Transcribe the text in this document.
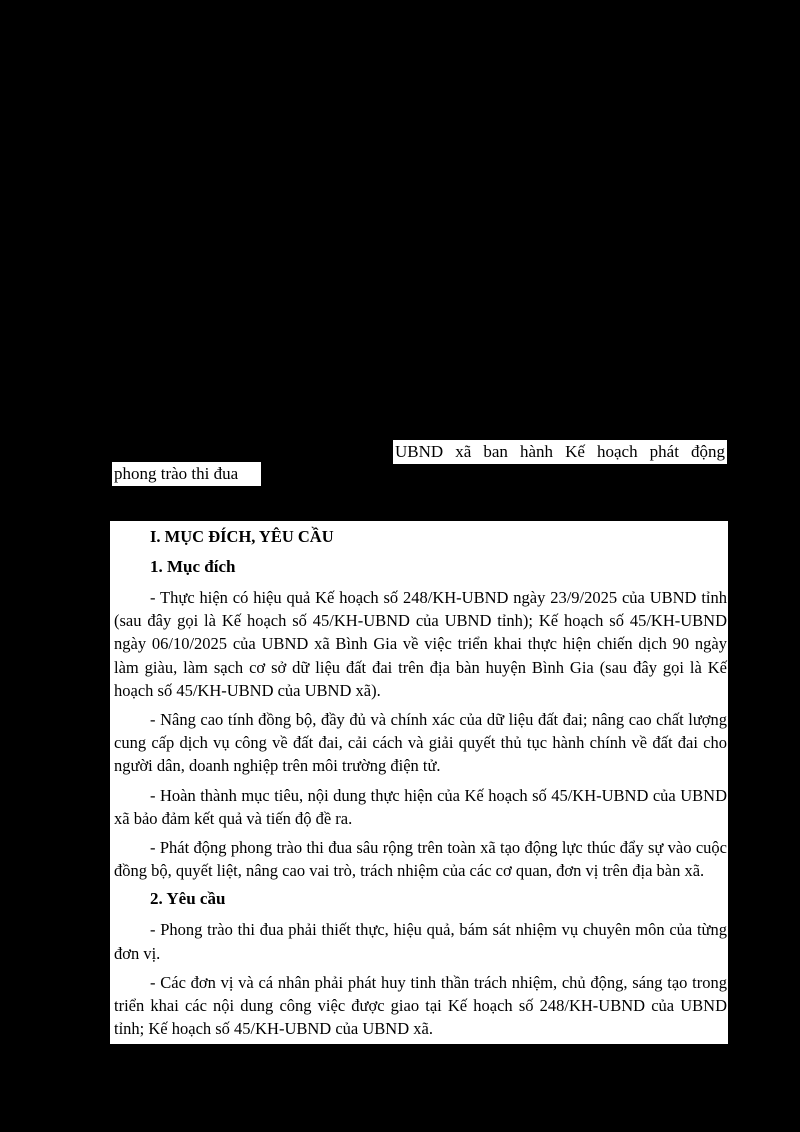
UBND xã ban hành Kế hoạch phát động
phong trào thi đua
I. MỤC ĐÍCH, YÊU CẦU
1. Mục đích

- Thực hiện có hiệu quả Kế hoạch số 248/KH-UBND ngày 23/9/2025 của UBND tỉnh (sau đây gọi là Kế hoạch số 45/KH-UBND của UBND tỉnh); Kế hoạch số 45/KH-UBND ngày 06/10/2025 của UBND xã Bình Gia về việc triển khai thực hiện chiến dịch 90 ngày làm giàu, làm sạch cơ sở dữ liệu đất đai trên địa bàn huyện Bình Gia (sau đây gọi là Kế hoạch số 45/KH-UBND của UBND xã).

- Nâng cao tính đồng bộ, đầy đủ và chính xác của dữ liệu đất đai; nâng cao chất lượng cung cấp dịch vụ công về đất đai, cải cách và giải quyết thủ tục hành chính về đất đai cho người dân, doanh nghiệp trên môi trường điện tử.

- Hoàn thành mục tiêu, nội dung thực hiện của Kế hoạch số 45/KH-UBND của UBND xã bảo đảm kết quả và tiến độ đề ra.

- Phát động phong trào thi đua sâu rộng trên toàn xã tạo động lực thúc đẩy sự vào cuộc đồng bộ, quyết liệt, nâng cao vai trò, trách nhiệm của các cơ quan, đơn vị trên địa bàn xã.

2. Yêu cầu

- Phong trào thi đua phải thiết thực, hiệu quả, bám sát nhiệm vụ chuyên môn của từng đơn vị.

- Các đơn vị và cá nhân phải phát huy tinh thần trách nhiệm, chủ động, sáng tạo trong triển khai các nội dung công việc được giao tại Kế hoạch số 248/KH-UBND của UBND tỉnh; Kế hoạch số 45/KH-UBND của UBND xã.
